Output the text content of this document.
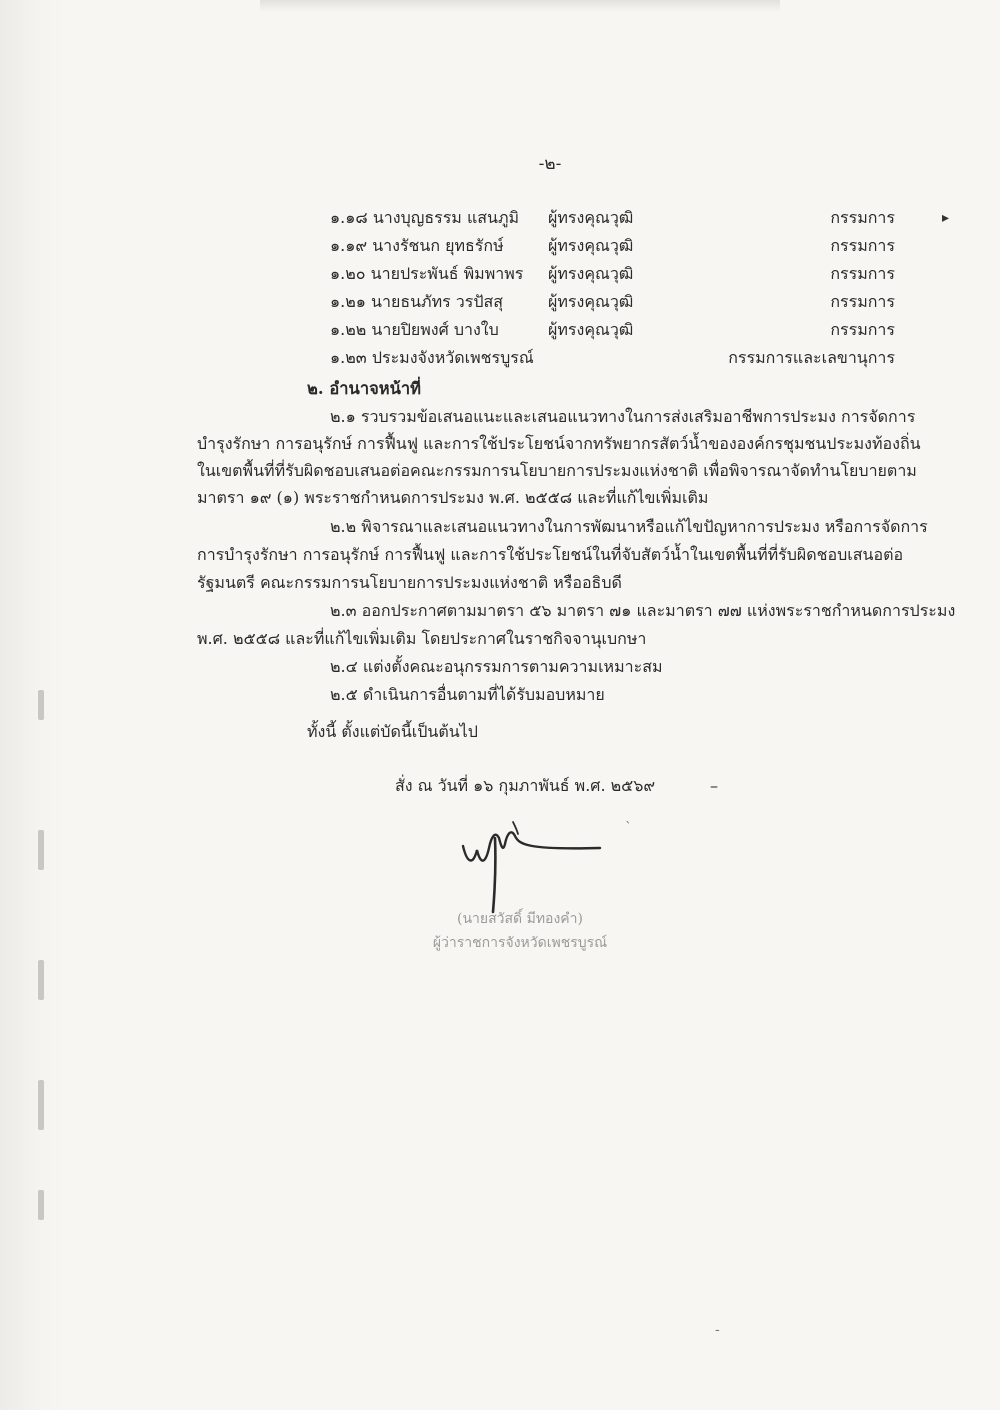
-๒-
▸
๑.๑๘ นางบุญธรรม แสนภูมิ ผู้ทรงคุณวุฒิ	กรรมการ
๑.๑๙ นางรัชนก ยุทธรักษ์	ผู้ทรงคุณวุฒิ	กรรมการ
๑.๒๐ นายประพันธ์ พิมพาพร ผู้ทรงคุณวุฒิ	กรรมการ
๑.๒๑ นายธนภัทร วรปัสสุ	ผู้ทรงคุณวุฒิ	กรรมการ
๑.๒๒ นายปิยพงศ์ บางใบ	ผู้ทรงคุณวุฒิ	กรรมการ
๑.๒๓ ประมงจังหวัดเพชรบูรณ์	กรรมการและเลขานุการ
๒. อำนาจหน้าที่
๒.๑ รวบรวมข้อเสนอแนะและเสนอแนวทางในการส่งเสริมอาชีพการประมง การจัดการ
บำรุงรักษา การอนุรักษ์ การฟื้นฟู และการใช้ประโยชน์จากทรัพยากรสัตว์น้ำขององค์กรชุมชนประมงท้องถิ่น
ในเขตพื้นที่ที่รับผิดชอบเสนอต่อคณะกรรมการนโยบายการประมงแห่งชาติ เพื่อพิจารณาจัดทำนโยบายตาม
มาตรา ๑๙ (๑) พระราชกำหนดการประมง พ.ศ. ๒๕๕๘ และที่แก้ไขเพิ่มเติม
๒.๒ พิจารณาและเสนอแนวทางในการพัฒนาหรือแก้ไขปัญหาการประมง หรือการจัดการ
การบำรุงรักษา การอนุรักษ์ การฟื้นฟู และการใช้ประโยชน์ในที่จับสัตว์น้ำในเขตพื้นที่ที่รับผิดชอบเสนอต่อ
รัฐมนตรี คณะกรรมการนโยบายการประมงแห่งชาติ หรืออธิบดี
๒.๓ ออกประกาศตามมาตรา ๕๖ มาตรา ๗๑ และมาตรา ๗๗ แห่งพระราชกำหนดการประมง
พ.ศ. ๒๕๕๘ และที่แก้ไขเพิ่มเติม โดยประกาศในราชกิจจานุเบกษา
๒.๔ แต่งตั้งคณะอนุกรรมการตามความเหมาะสม
๒.๕ ดำเนินการอื่นตามที่ได้รับมอบหมาย
ทั้งนี้ ตั้งแต่บัดนี้เป็นต้นไป
สั่ง ณ วันที่ ๑๖ กุมภาพันธ์ พ.ศ. ๒๕๖๙	–
(นายสวัสดิ์ มีทองคำ)
ผู้ว่าราชการจังหวัดเพชรบูรณ์
`
-
